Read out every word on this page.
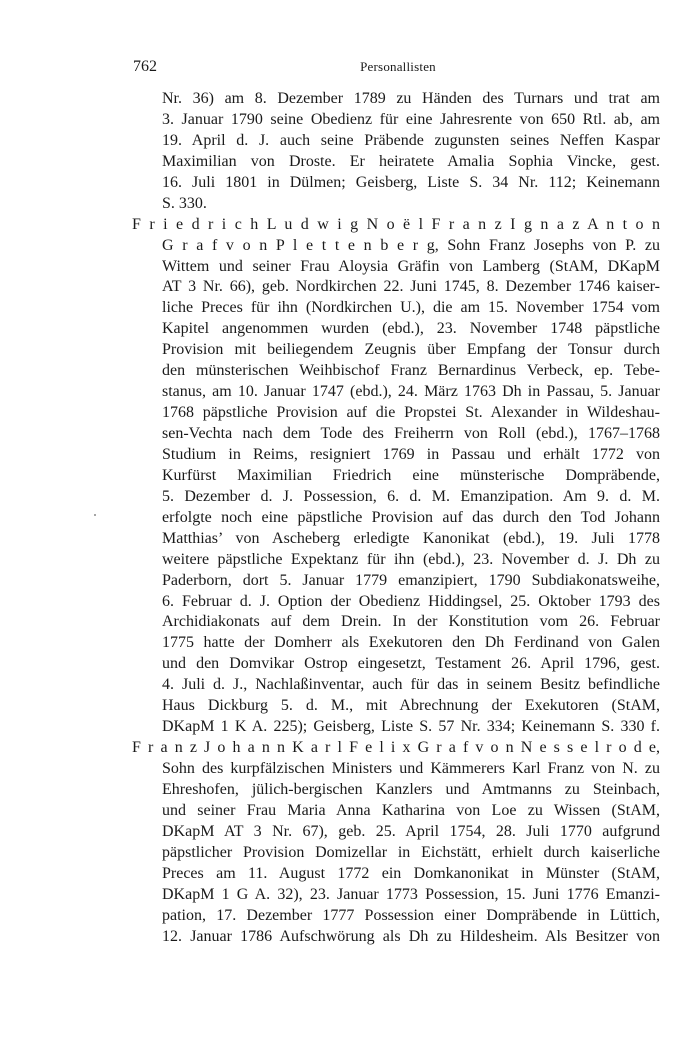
762	Personallisten
Nr. 36) am 8. Dezember 1789 zu Händen des Turnars und trat am
3. Januar 1790 seine Obedienz für eine Jahresrente von 650 Rtl. ab, am
19. April d. J. auch seine Präbende zugunsten seines Neffen Kaspar
Maximilian von Droste. Er heiratete Amalia Sophia Vincke, gest.
16. Juli 1801 in Dülmen; Geisberg, Liste S. 34 Nr. 112; Keinemann
S. 330.
F r i e d r i c h L u d w i g N o ë l F r a n z I g n a z A n t o n
G r a f v o n P l e t t e n b e r g, Sohn Franz Josephs von P. zu
Wittem und seiner Frau Aloysia Gräfin von Lamberg (StAM, DKapM
AT 3 Nr. 66), geb. Nordkirchen 22. Juni 1745, 8. Dezember 1746 kaiser-
liche Preces für ihn (Nordkirchen U.), die am 15. November 1754 vom
Kapitel angenommen wurden (ebd.), 23. November 1748 päpstliche
Provision mit beiliegendem Zeugnis über Empfang der Tonsur durch
den münsterischen Weihbischof Franz Bernardinus Verbeck, ep. Tebe-
stanus, am 10. Januar 1747 (ebd.), 24. März 1763 Dh in Passau, 5. Januar
1768 päpstliche Provision auf die Propstei St. Alexander in Wildeshau-
sen-Vechta nach dem Tode des Freiherrn von Roll (ebd.), 1767–1768
Studium in Reims, resigniert 1769 in Passau und erhält 1772 von
Kurfürst Maximilian Friedrich eine münsterische Dompräbende,
5. Dezember d. J. Possession, 6. d. M. Emanzipation. Am 9. d. M.
erfolgte noch eine päpstliche Provision auf das durch den Tod Johann
Matthias’ von Ascheberg erledigte Kanonikat (ebd.), 19. Juli 1778
weitere päpstliche Expektanz für ihn (ebd.), 23. November d. J. Dh zu
Paderborn, dort 5. Januar 1779 emanzipiert, 1790 Subdiakonatsweihe,
6. Februar d. J. Option der Obedienz Hiddingsel, 25. Oktober 1793 des
Archidiakonats auf dem Drein. In der Konstitution vom 26. Februar
1775 hatte der Domherr als Exekutoren den Dh Ferdinand von Galen
und den Domvikar Ostrop eingesetzt, Testament 26. April 1796, gest.
4. Juli d. J., Nachlaßinventar, auch für das in seinem Besitz befindliche
Haus Dickburg 5. d. M., mit Abrechnung der Exekutoren (StAM,
DKapM 1 K A. 225); Geisberg, Liste S. 57 Nr. 334; Keinemann S. 330 f.
F r a n z J o h a n n K a r l F e l i x G r a f v o n N e s s e l r o d e,
Sohn des kurpfälzischen Ministers und Kämmerers Karl Franz von N. zu
Ehreshofen, jülich-bergischen Kanzlers und Amtmanns zu Steinbach,
und seiner Frau Maria Anna Katharina von Loe zu Wissen (StAM,
DKapM AT 3 Nr. 67), geb. 25. April 1754, 28. Juli 1770 aufgrund
päpstlicher Provision Domizellar in Eichstätt, erhielt durch kaiserliche
Preces am 11. August 1772 ein Domkanonikat in Münster (StAM,
DKapM 1 G A. 32), 23. Januar 1773 Possession, 15. Juni 1776 Emanzi-
pation, 17. Dezember 1777 Possession einer Dompräbende in Lüttich,
12. Januar 1786 Aufschwörung als Dh zu Hildesheim. Als Besitzer von
